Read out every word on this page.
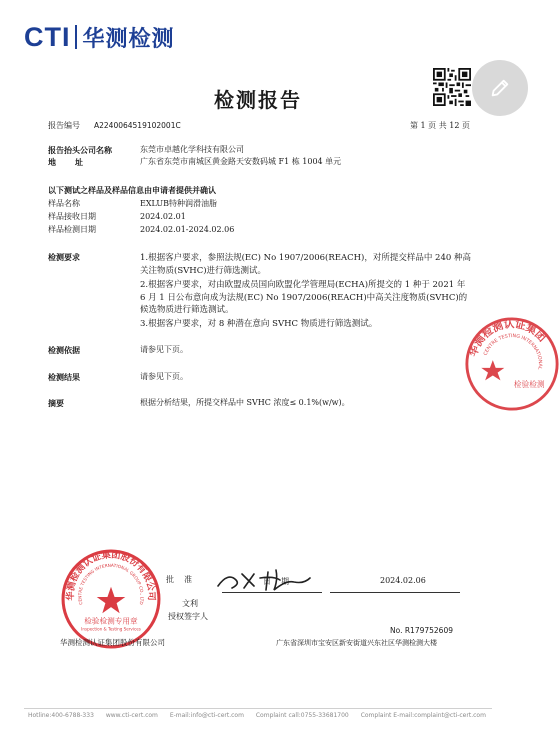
CTI 华测检测
检测报告
报告编号 A2240064519102001C	第 1 页 共 12 页
报告抬头公司名称	东莞市卓越化学科技有限公司
地　　址	广东省东莞市南城区黄金路天安数码城 F1 栋 1004 单元
以下测试之样品及样品信息由申请者提供并确认
样品名称	EXLUB特种润滑油脂
样品接收日期	2024.02.01
样品检测日期	2024.02.01-2024.02.06
检测要求	1.根据客户要求，参照法规(EC) No 1907/2006(REACH)，对所提交样品中 240 种高关注物质(SVHC)进行筛选测试。
2.根据客户要求，对由欧盟成员国向欧盟化学管理局(ECHA)所提交的 1 种于 2021 年 6 月 1 日公布意向成为法规(EC) No 1907/2006(REACH)中高关注度物质(SVHC)的候选物质进行筛选测试。
3.根据客户要求，对 8 种潜在意向 SVHC 物质进行筛选测试。
检测依据	请参见下页。
检测结果	请参见下页。
摘要	根据分析结果，所提交样品中 SVHC 浓度≤ 0.1%(w/w)。
华测检测认证集团
CENTRE TESTING INTERNATIONAL
检验检测
华测检测认证集团股份有限公司
CENTRE TESTING INTERNATIONAL GROUP CO., LTD
检验检测专用章
Inspection & Testing Services
批　准	日　期	2024.02.06
文利
授权签字人
No. R179752609
华测检测认证集团股份有限公司	广东省深圳市宝安区新安街道兴东社区华测检测大楼
Hotline:400-6788-333 www.cti-cert.com E-mail:info@cti-cert.com Complaint call:0755-33681700 Complaint E-mail:complaint@cti-cert.com
